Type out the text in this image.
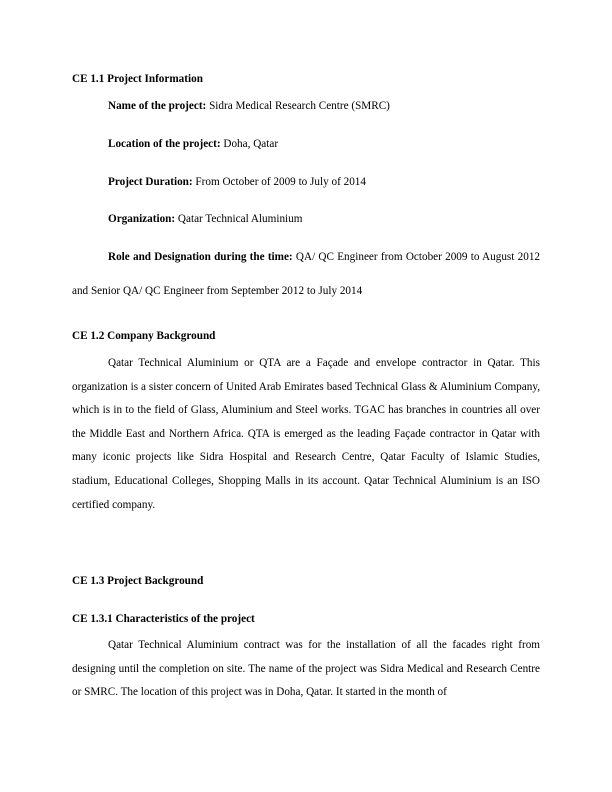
CE 1.1 Project Information
Name of the project: Sidra Medical Research Centre (SMRC)
Location of the project: Doha, Qatar
Project Duration: From October of 2009 to July of 2014
Organization: Qatar Technical Aluminium
Role and Designation during the time: QA/ QC Engineer from October 2009 to August 2012 and Senior QA/ QC Engineer from September 2012 to July 2014
CE 1.2 Company Background

Qatar Technical Aluminium or QTA are a Façade and envelope contractor in Qatar. This organization is a sister concern of United Arab Emirates based Technical Glass & Aluminium Company, which is in to the field of Glass, Aluminium and Steel works. TGAC has branches in countries all over the Middle East and Northern Africa. QTA is emerged as the leading Façade contractor in Qatar with many iconic projects like Sidra Hospital and Research Centre, Qatar Faculty of Islamic Studies, stadium, Educational Colleges, Shopping Malls in its account. Qatar Technical Aluminium is an ISO certified company.

CE 1.3 Project Background
CE 1.3.1 Characteristics of the project

Qatar Technical Aluminium contract was for the installation of all the facades right from designing until the completion on site. The name of the project was Sidra Medical and Research Centre or SMRC. The location of this project was in Doha, Qatar. It started in the month of
